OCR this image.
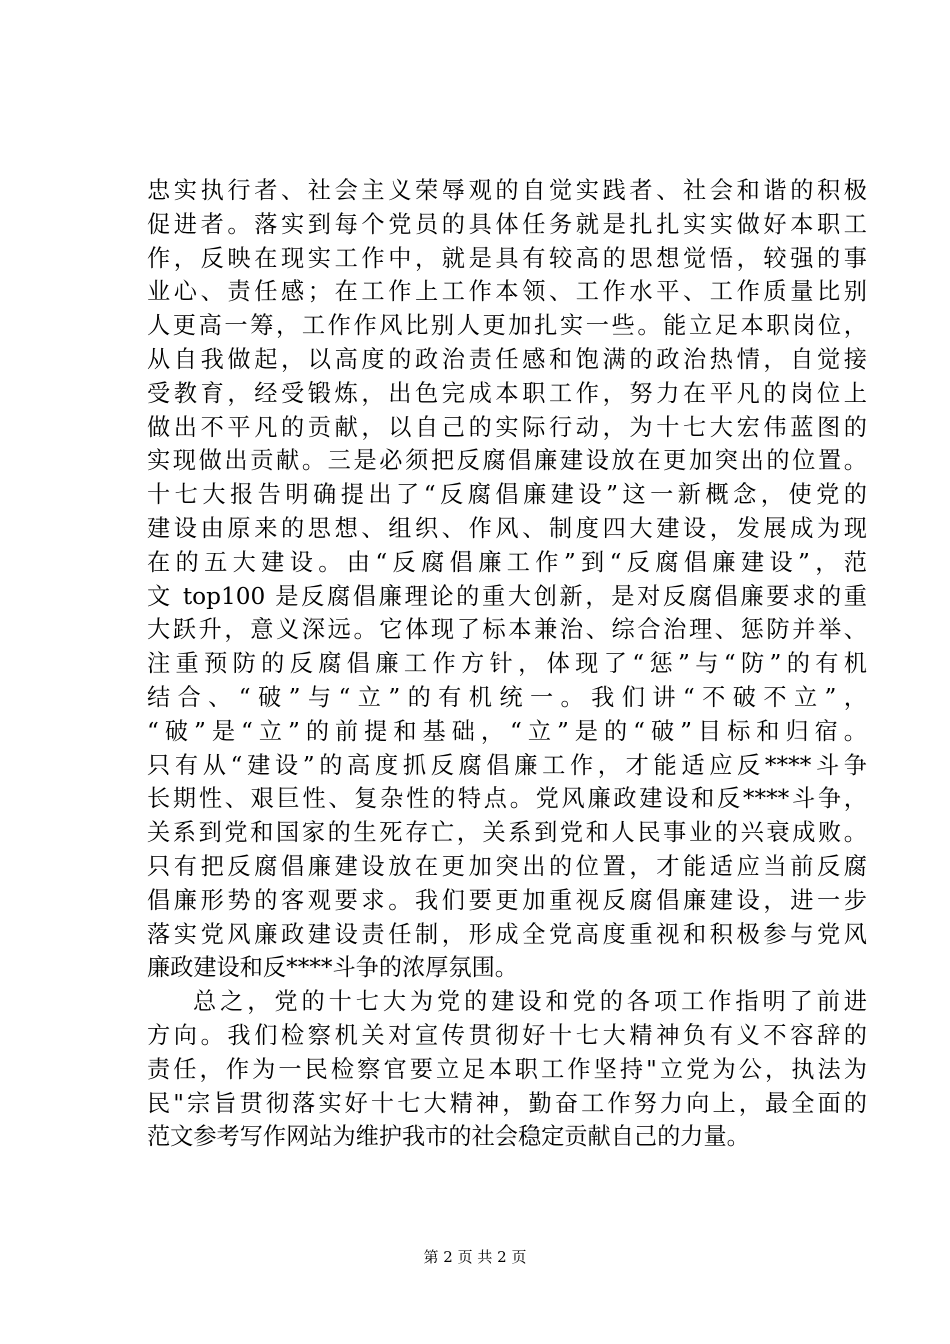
忠实执行者、社会主义荣辱观的自觉实践者、社会和谐的积极
促进者。落实到每个党员的具体任务就是扎扎实实做好本职工
作，反映在现实工作中，就是具有较高的思想觉悟，较强的事
业心、责任感；在工作上工作本领、工作水平、工作质量比别
人更高一筹，工作作风比别人更加扎实一些。能立足本职岗位，
从自我做起，以高度的政治责任感和饱满的政治热情，自觉接
受教育，经受锻炼，出色完成本职工作，努力在平凡的岗位上
做出不平凡的贡献，以自己的实际行动，为十七大宏伟蓝图的
实现做出贡献。三是必须把反腐倡廉建设放在更加突出的位置。
十七大报告明确提出了“反腐倡廉建设”这一新概念，使党的
建设由原来的思想、组织、作风、制度四大建设，发展成为现
在的五大建设。由“反腐倡廉工作”到“反腐倡廉建设”，范
文 top100 是反腐倡廉理论的重大创新，是对反腐倡廉要求的重
大跃升，意义深远。它体现了标本兼治、综合治理、惩防并举、
注重预防的反腐倡廉工作方针，体现了“惩”与“防”的有机
结合、“破”与“立”的有机统一。我们讲“不破不立”，
“破”是“立”的前提和基础，“立”是的“破”目标和归宿。
只有从“建设”的高度抓反腐倡廉工作，才能适应反****斗争
长期性、艰巨性、复杂性的特点。党风廉政建设和反****斗争，
关系到党和国家的生死存亡，关系到党和人民事业的兴衰成败。
只有把反腐倡廉建设放在更加突出的位置，才能适应当前反腐
倡廉形势的客观要求。我们要更加重视反腐倡廉建设，进一步
落实党风廉政建设责任制，形成全党高度重视和积极参与党风
廉政建设和反****斗争的浓厚氛围。
总之，党的十七大为党的建设和党的各项工作指明了前进
方向。我们检察机关对宣传贯彻好十七大精神负有义不容辞的
责任，作为一民检察官要立足本职工作坚持"立党为公，执法为
民"宗旨贯彻落实好十七大精神，勤奋工作努力向上，最全面的
范文参考写作网站为维护我市的社会稳定贡献自己的力量。
第 2 页 共 2 页
